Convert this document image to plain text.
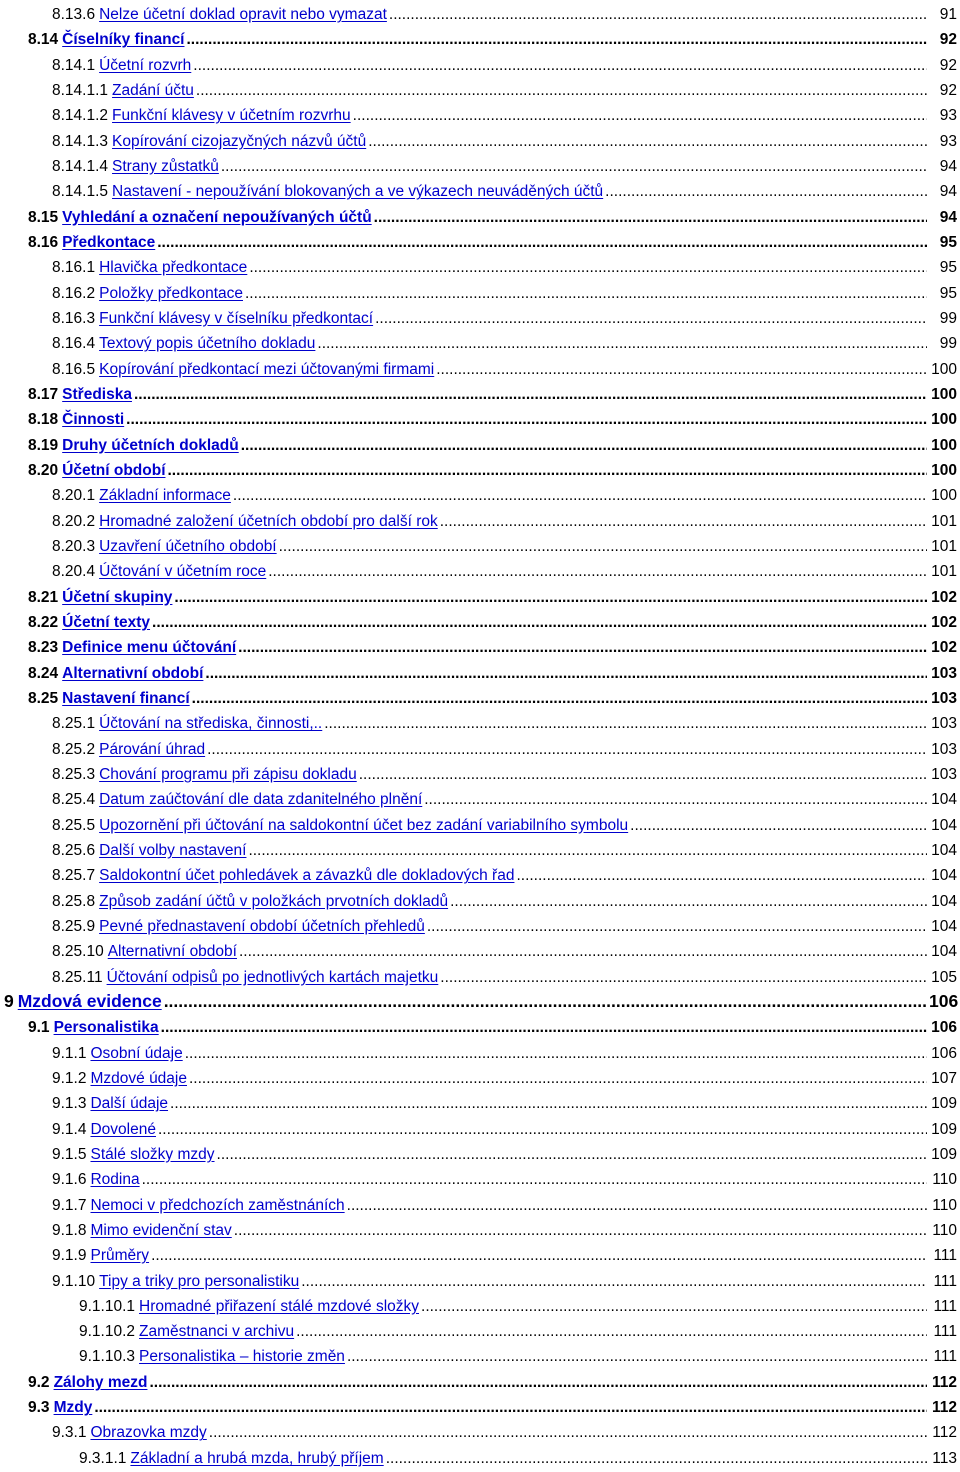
8.13.6 Nelze účetní doklad opravit nebo vymazat .....	91
8.14 Číselníky financí .....	92
8.14.1 Účetní rozvrh .....	92
8.14.1.1 Zadání účtu .....	92
8.14.1.2 Funkční klávesy v účetním rozvrhu .....	93
8.14.1.3 Kopírování cizojazyčných názvů účtů .....	93
8.14.1.4 Strany zůstatků .....	94
8.14.1.5 Nastavení - nepoužívání blokovaných a ve výkazech neuváděných účtů .....	94
8.15 Vyhledání a označení nepoužívaných účtů .....	94
8.16 Předkontace .....	95
8.16.1 Hlavička předkontace .....	95
8.16.2 Položky předkontace .....	95
8.16.3 Funkční klávesy v číselníku předkontací .....	99
8.16.4 Textový popis účetního dokladu .....	99
8.16.5 Kopírování předkontací mezi účtovanými firmami .....	100
8.17 Střediska .....	100
8.18 Činnosti .....	100
8.19 Druhy účetních dokladů .....	100
8.20 Účetní období .....	100
8.20.1 Základní informace .....	100
8.20.2 Hromadné založení účetních období pro další rok .....	101
8.20.3 Uzavření účetního období .....	101
8.20.4 Účtování v účetním roce .....	101
8.21 Účetní skupiny .....	102
8.22 Účetní texty .....	102
8.23 Definice menu účtování .....	102
8.24 Alternativní období .....	103
8.25 Nastavení financí .....	103
8.25.1 Účtování na střediska, činnosti,.. .....	103
8.25.2 Párování úhrad .....	103
8.25.3 Chování programu při zápisu dokladu .....	103
8.25.4 Datum zaúčtování dle data zdanitelného plnění .....	104
8.25.5 Upozornění při účtování na saldokontní účet bez zadání variabilního symbolu .....	104
8.25.6 Další volby nastavení .....	104
8.25.7 Saldokontní účet pohledávek a závazků dle dokladových řad .....	104
8.25.8 Způsob zadání účtů v položkách prvotních dokladů .....	104
8.25.9 Pevné přednastavení období účetních přehledů .....	104
8.25.10 Alternativní období .....	104
8.25.11 Účtování odpisů po jednotlivých kartách majetku .....	105
9 Mzdová evidence .....	106
9.1 Personalistika .....	106
9.1.1 Osobní údaje .....	106
9.1.2 Mzdové údaje .....	107
9.1.3 Další údaje .....	109
9.1.4 Dovolené .....	109
9.1.5 Stálé složky mzdy .....	109
9.1.6 Rodina .....	110
9.1.7 Nemoci v předchozích zaměstnáních .....	110
9.1.8 Mimo evidenční stav .....	110
9.1.9 Průměry .....	111
9.1.10 Tipy a triky pro personalistiku .....	111
9.1.10.1 Hromadné přiřazení stálé mzdové složky .....	111
9.1.10.2 Zaměstnanci v archivu .....	111
9.1.10.3 Personalistika – historie změn .....	111
9.2 Zálohy mezd .....	112
9.3 Mzdy .....	112
9.3.1 Obrazovka mzdy .....	112
9.3.1.1 Základní a hrubá mzda, hrubý příjem .....	113
